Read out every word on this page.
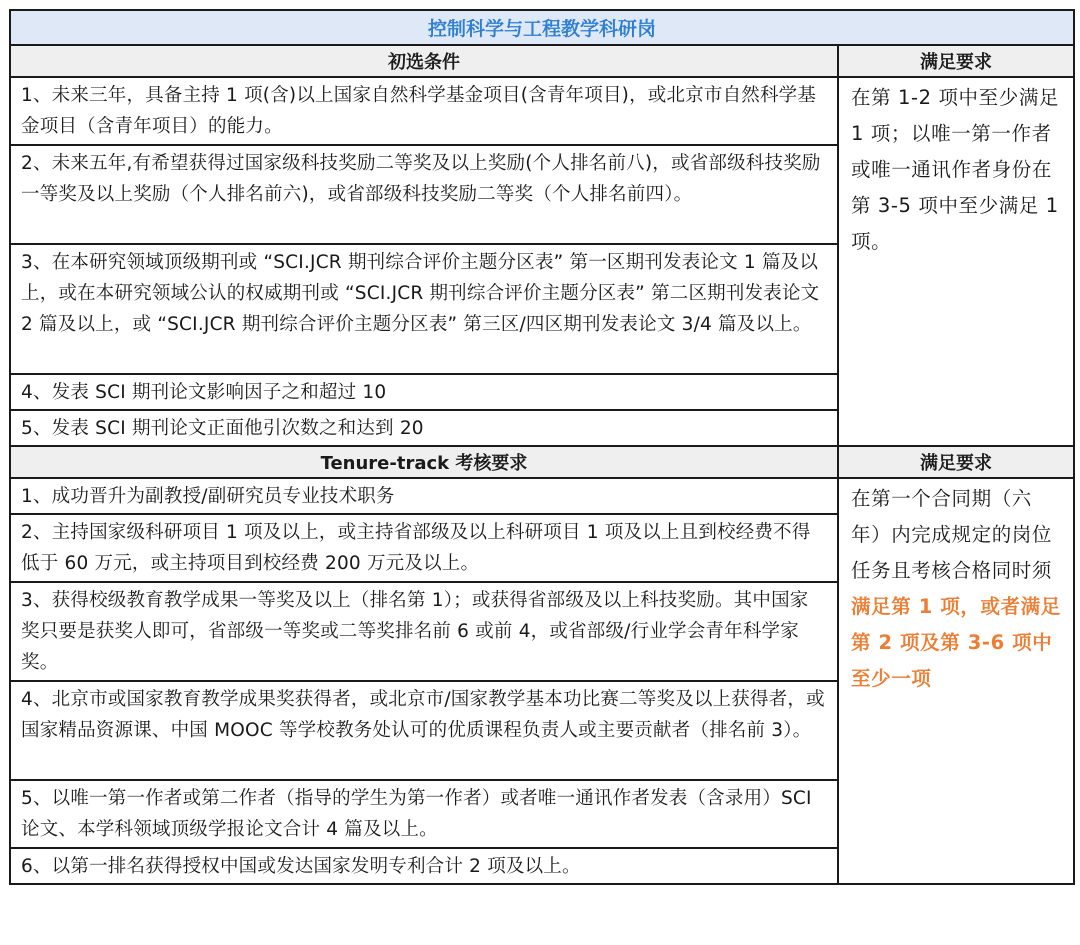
控制科学与工程教学科研岗	
初选条件	满足要求
1、未来三年，具备主持 1 项(含)以上国家自然科学基金项目(含青年项目)，或北京市自然科学基金项目（含青年项目）的能力。	在第 1-2 项中至少满足 1 项；以唯一第一作者或唯一通讯作者身份在第 3-5 项中至少满足 1 项。
2、未来五年,有希望获得过国家级科技奖励二等奖及以上奖励(个人排名前八)，或省部级科技奖励一等奖及以上奖励（个人排名前六)，或省部级科技奖励二等奖（个人排名前四）。	
3、在本研究领域顶级期刊或 “SCI.JCR 期刊综合评价主题分区表” 第一区期刊发表论文 1 篇及以上，或在本研究领域公认的权威期刊或 “SCI.JCR 期刊综合评价主题分区表” 第二区期刊发表论文 2 篇及以上，或 “SCI.JCR 期刊综合评价主题分区表” 第三区/四区期刊发表论文 3/4 篇及以上。	
4、发表 SCI 期刊论文影响因子之和超过 10	
5、发表 SCI 期刊论文正面他引次数之和达到 20	
Tenure-track 考核要求	满足要求
1、成功晋升为副教授/副研究员专业技术职务	在第一个合同期（六年）内完成规定的岗位任务且考核合格同时须满足第 1 项，或者满足第 2 项及第 3-6 项中至少一项
2、主持国家级科研项目 1 项及以上，或主持省部级及以上科研项目 1 项及以上且到校经费不得低于 60 万元，或主持项目到校经费 200 万元及以上。	
3、获得校级教育教学成果一等奖及以上（排名第 1）；或获得省部级及以上科技奖励。其中国家奖只要是获奖人即可，省部级一等奖或二等奖排名前 6 或前 4，或省部级/行业学会青年科学家奖。	
4、北京市或国家教育教学成果奖获得者，或北京市/国家教学基本功比赛二等奖及以上获得者，或国家精品资源课、中国 MOOC 等学校教务处认可的优质课程负责人或主要贡献者（排名前 3）。	
5、以唯一第一作者或第二作者（指导的学生为第一作者）或者唯一通讯作者发表（含录用）SCI 论文、本学科领域顶级学报论文合计 4 篇及以上。	
6、以第一排名获得授权中国或发达国家发明专利合计 2 项及以上。	
